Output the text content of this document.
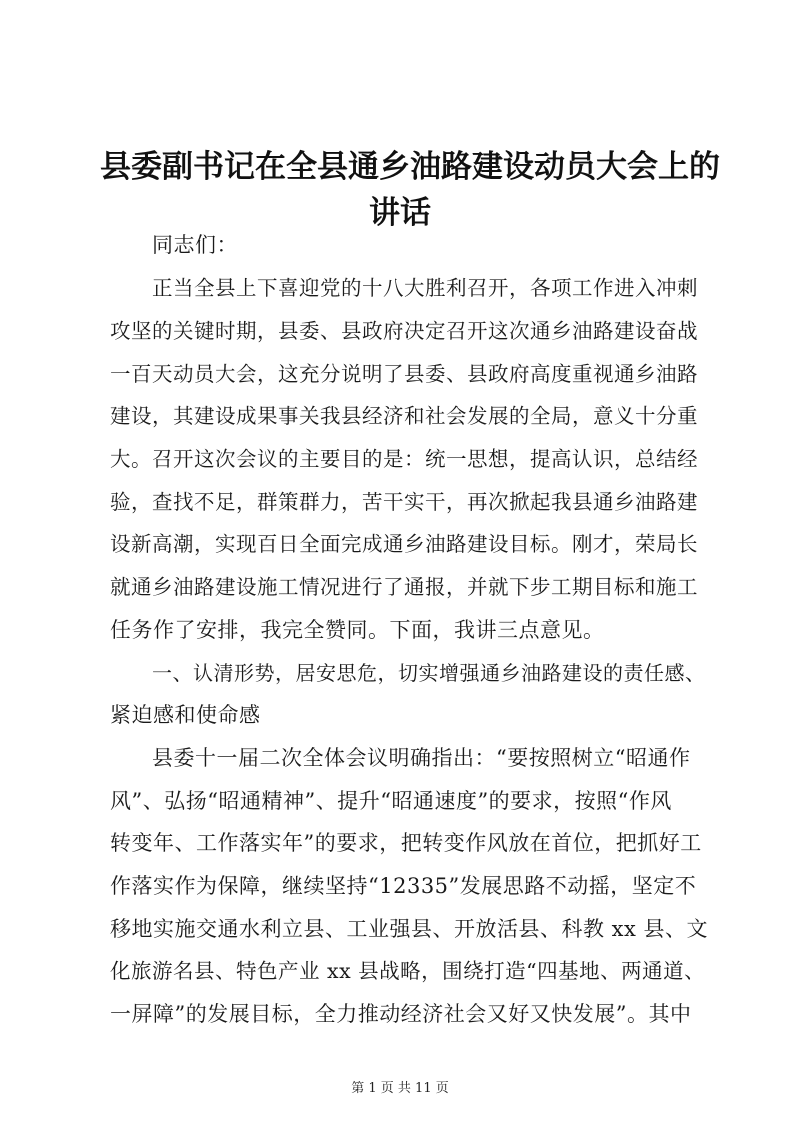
县委副书记在全县通乡油路建设动员大会上的
讲话
同志们：
正当全县上下喜迎党的十八大胜利召开，各项工作进入冲刺
攻坚的关键时期，县委、县政府决定召开这次通乡油路建设奋战
一百天动员大会，这充分说明了县委、县政府高度重视通乡油路
建设，其建设成果事关我县经济和社会发展的全局，意义十分重
大。召开这次会议的主要目的是：统一思想，提高认识，总结经
验，查找不足，群策群力，苦干实干，再次掀起我县通乡油路建
设新高潮，实现百日全面完成通乡油路建设目标。刚才，荣局长
就通乡油路建设施工情况进行了通报，并就下步工期目标和施工
任务作了安排，我完全赞同。下面，我讲三点意见。
一、认清形势，居安思危，切实增强通乡油路建设的责任感、
紧迫感和使命感
县委十一届二次全体会议明确指出：“要按照树立“昭通作
风”、弘扬“昭通精神”、提升“昭通速度”的要求，按照“作风
转变年、工作落实年”的要求，把转变作风放在首位，把抓好工
作落实作为保障，继续坚持“12335”发展思路不动摇，坚定不
移地实施交通水利立县、工业强县、开放活县、科教 xx 县、文
化旅游名县、特色产业 xx 县战略，围绕打造“四基地、两通道、
一屏障”的发展目标，全力推动经济社会又好又快发展”。其中
第 1 页 共 11 页
